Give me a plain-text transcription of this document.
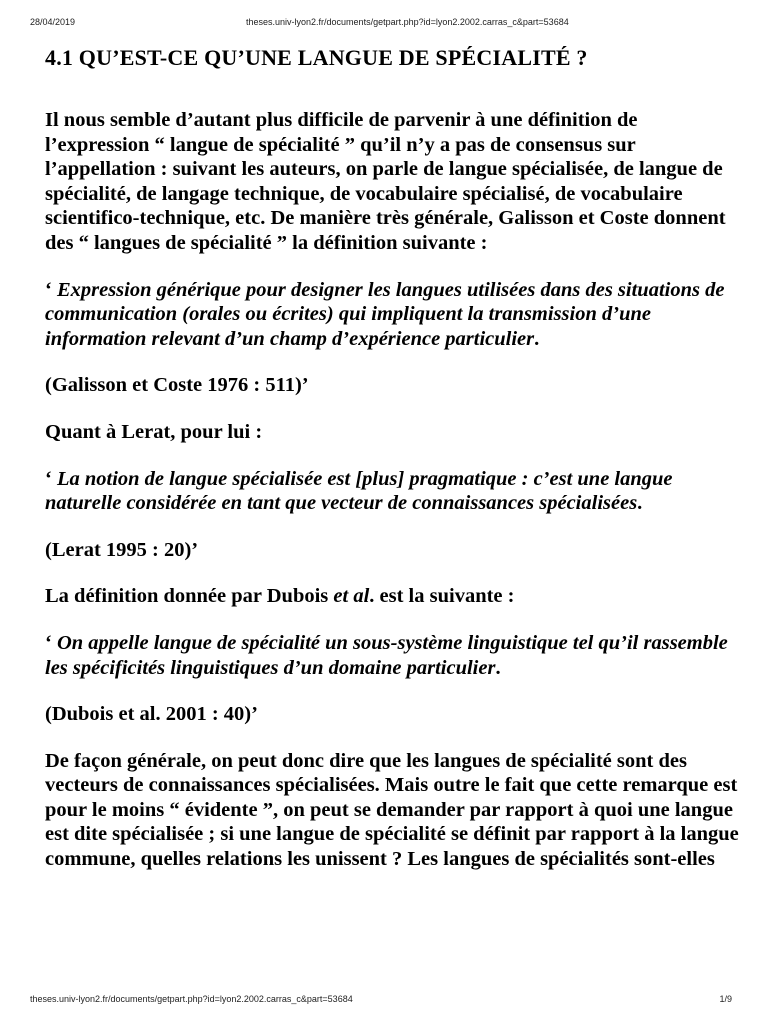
28/04/2019	theses.univ-lyon2.fr/documents/getpart.php?id=lyon2.2002.carras_c&part=53684
4.1 QU’EST-CE QU’UNE LANGUE DE SPÉCIALITÉ ?

Il nous semble d’autant plus difficile de parvenir à une définition de l’expression “ langue de spécialité ” qu’il n’y a pas de consensus sur l’appellation : suivant les auteurs, on parle de langue spécialisée, de langue de spécialité, de langage technique, de vocabulaire spécialisé, de vocabulaire scientifico-technique, etc. De manière très générale, Galisson et Coste donnent des “ langues de spécialité ” la définition suivante :

‘ Expression générique pour designer les langues utilisées dans des situations de communication (orales ou écrites) qui impliquent la transmission d’une information relevant d’un champ d’expérience particulier.

(Galisson et Coste 1976 : 511)’

Quant à Lerat, pour lui :

‘ La notion de langue spécialisée est [plus] pragmatique : c’est une langue naturelle considérée en tant que vecteur de connaissances spécialisées.

(Lerat 1995 : 20)’

La définition donnée par Dubois et al. est la suivante :

‘ On appelle langue de spécialité un sous-système linguistique tel qu’il rassemble les spécificités linguistiques d’un domaine particulier.

(Dubois et al. 2001 : 40)’

De façon générale, on peut donc dire que les langues de spécialité sont des vecteurs de connaissances spécialisées. Mais outre le fait que cette remarque est pour le moins “ évidente ”, on peut se demander par rapport à quoi une langue est dite spécialisée ; si une langue de spécialité se définit par rapport à la langue commune, quelles relations les unissent ? Les langues de spécialités sont-elles

theses.univ-lyon2.fr/documents/getpart.php?id=lyon2.2002.carras_c&part=53684	1/9
